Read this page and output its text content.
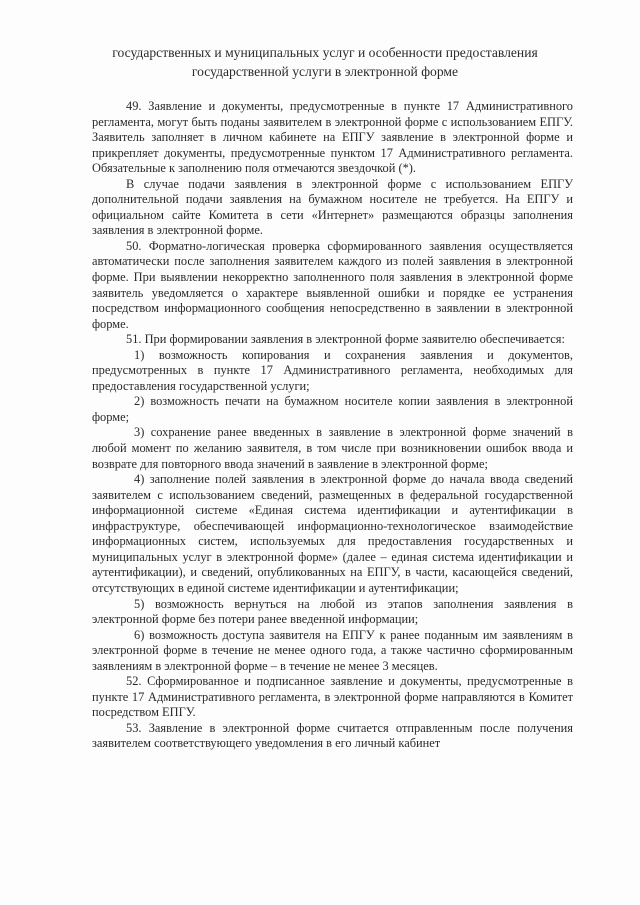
государственных и муниципальных услуг и особенности предоставления
государственной услуги в электронной форме

49. Заявление и документы, предусмотренные в пункте 17 Административного регламента, могут быть поданы заявителем в электронной форме с использованием ЕПГУ. Заявитель заполняет в личном кабинете на ЕПГУ заявление в электронной форме и прикрепляет документы, предусмотренные пунктом 17 Административного регламента. Обязательные к заполнению поля отмечаются звездочкой (*).

В случае подачи заявления в электронной форме с использованием ЕПГУ дополнительной подачи заявления на бумажном носителе не требуется. На ЕПГУ и официальном сайте Комитета в сети «Интернет» размещаются образцы заполнения заявления в электронной форме.

50. Форматно-логическая проверка сформированного заявления осуществляется автоматически после заполнения заявителем каждого из полей заявления в электронной форме. При выявлении некорректно заполненного поля заявления в электронной форме заявитель уведомляется о характере выявленной ошибки и порядке ее устранения посредством информационного сообщения непосредственно в заявлении в электронной форме.

51. При формировании заявления в электронной форме заявителю обеспечивается:

1) возможность копирования и сохранения заявления и документов, предусмотренных в пункте 17 Административного регламента, необходимых для предоставления государственной услуги;

2) возможность печати на бумажном носителе копии заявления в электронной форме;

3) сохранение ранее введенных в заявление в электронной форме значений в любой момент по желанию заявителя, в том числе при возникновении ошибок ввода и возврате для повторного ввода значений в заявление в электронной форме;

4) заполнение полей заявления в электронной форме до начала ввода сведений заявителем с использованием сведений, размещенных в федеральной государственной информационной системе «Единая система идентификации и аутентификации в инфраструктуре, обеспечивающей информационно-технологическое взаимодействие информационных систем, используемых для предоставления государственных и муниципальных услуг в электронной форме» (далее – единая система идентификации и аутентификации), и сведений, опубликованных на ЕПГУ, в части, касающейся сведений, отсутствующих в единой системе идентификации и аутентификации;

5) возможность вернуться на любой из этапов заполнения заявления в электронной форме без потери ранее введенной информации;

6) возможность доступа заявителя на ЕПГУ к ранее поданным им заявлениям в электронной форме в течение не менее одного года, а также частично сформированным заявлениям в электронной форме – в течение не менее 3 месяцев.

52. Сформированное и подписанное заявление и документы, предусмотренные в пункте 17 Административного регламента, в электронной форме направляются в Комитет посредством ЕПГУ.

53. Заявление в электронной форме считается отправленным после получения заявителем соответствующего уведомления в его личный кабинет
